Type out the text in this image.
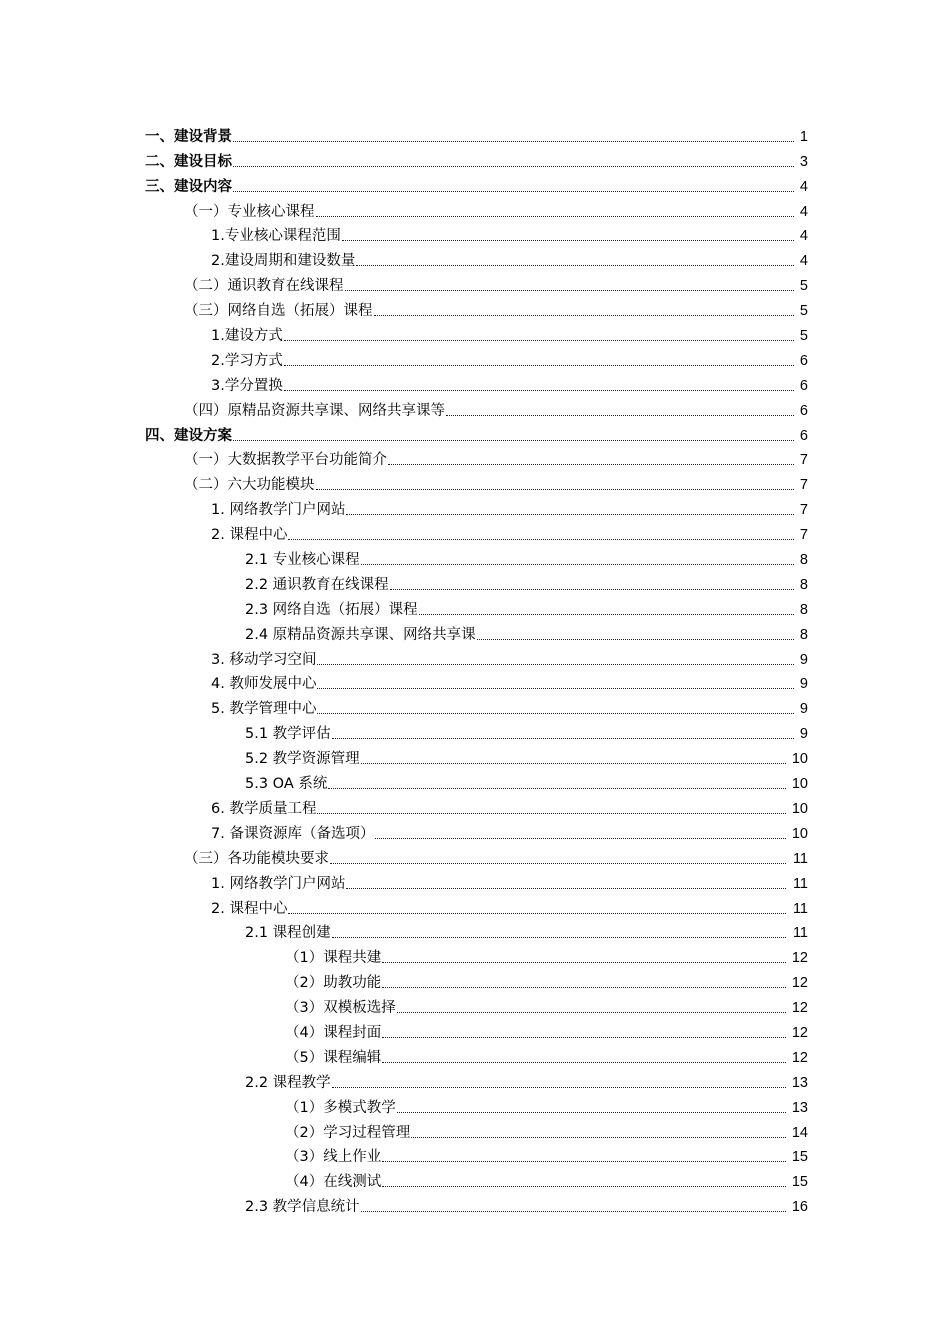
一、建设背景	1
二、建设目标	3
三、建设内容	4
（一）专业核心课程	4
1.专业核心课程范围	4
2.建设周期和建设数量	4
（二）通识教育在线课程	5
（三）网络自选（拓展）课程	5
1.建设方式	5
2.学习方式	6
3.学分置换	6
（四）原精品资源共享课、网络共享课等	6
四、建设方案	6
（一）大数据教学平台功能简介	7
（二）六大功能模块	7
1. 网络教学门户网站	7
2. 课程中心	7
2.1 专业核心课程	8
2.2 通识教育在线课程	8
2.3 网络自选（拓展）课程	8
2.4 原精品资源共享课、网络共享课	8
3. 移动学习空间	9
4. 教师发展中心	9
5. 教学管理中心	9
5.1 教学评估	9
5.2 教学资源管理	10
5.3 OA 系统	10
6. 教学质量工程	10
7. 备课资源库（备选项）	10
（三）各功能模块要求	11
1. 网络教学门户网站	11
2. 课程中心	11
2.1 课程创建	11
（1）课程共建	12
（2）助教功能	12
（3）双模板选择	12
（4）课程封面	12
（5）课程编辑	12
2.2 课程教学	13
（1）多模式教学	13
（2）学习过程管理	14
（3）线上作业	15
（4）在线测试	15
2.3 教学信息统计	16
